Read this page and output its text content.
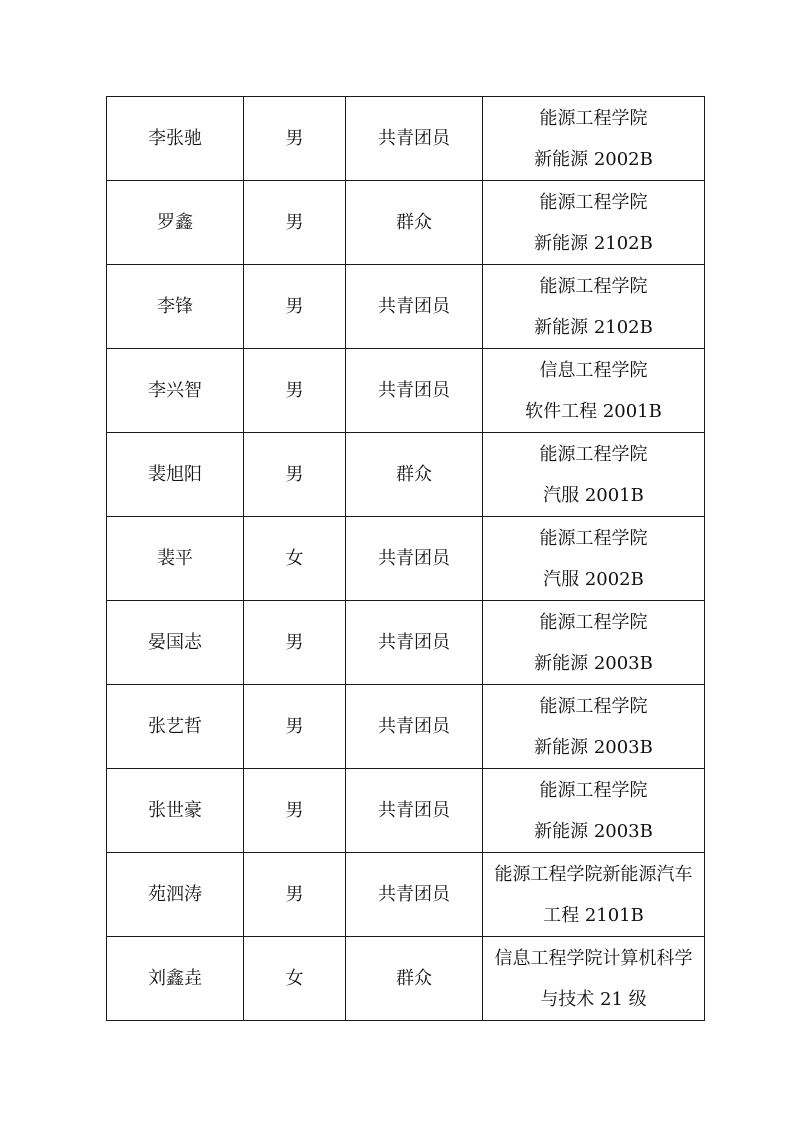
李张驰	男	共青团员	能源工程学院
新能源 2002B

罗鑫	男	群众	能源工程学院
新能源 2102B

李锋	男	共青团员	能源工程学院
新能源 2102B

李兴智	男	共青团员	信息工程学院
软件工程 2001B

裴旭阳	男	群众	能源工程学院
汽服 2001B

裴平	女	共青团员	能源工程学院
汽服 2002B

晏国志	男	共青团员	能源工程学院
新能源 2003B

张艺哲	男	共青团员	能源工程学院
新能源 2003B

张世豪	男	共青团员	能源工程学院
新能源 2003B

苑泗涛	男	共青团员	能源工程学院新能源汽车
工程 2101B

刘鑫垚	女	群众	信息工程学院计算机科学
与技术 21 级
